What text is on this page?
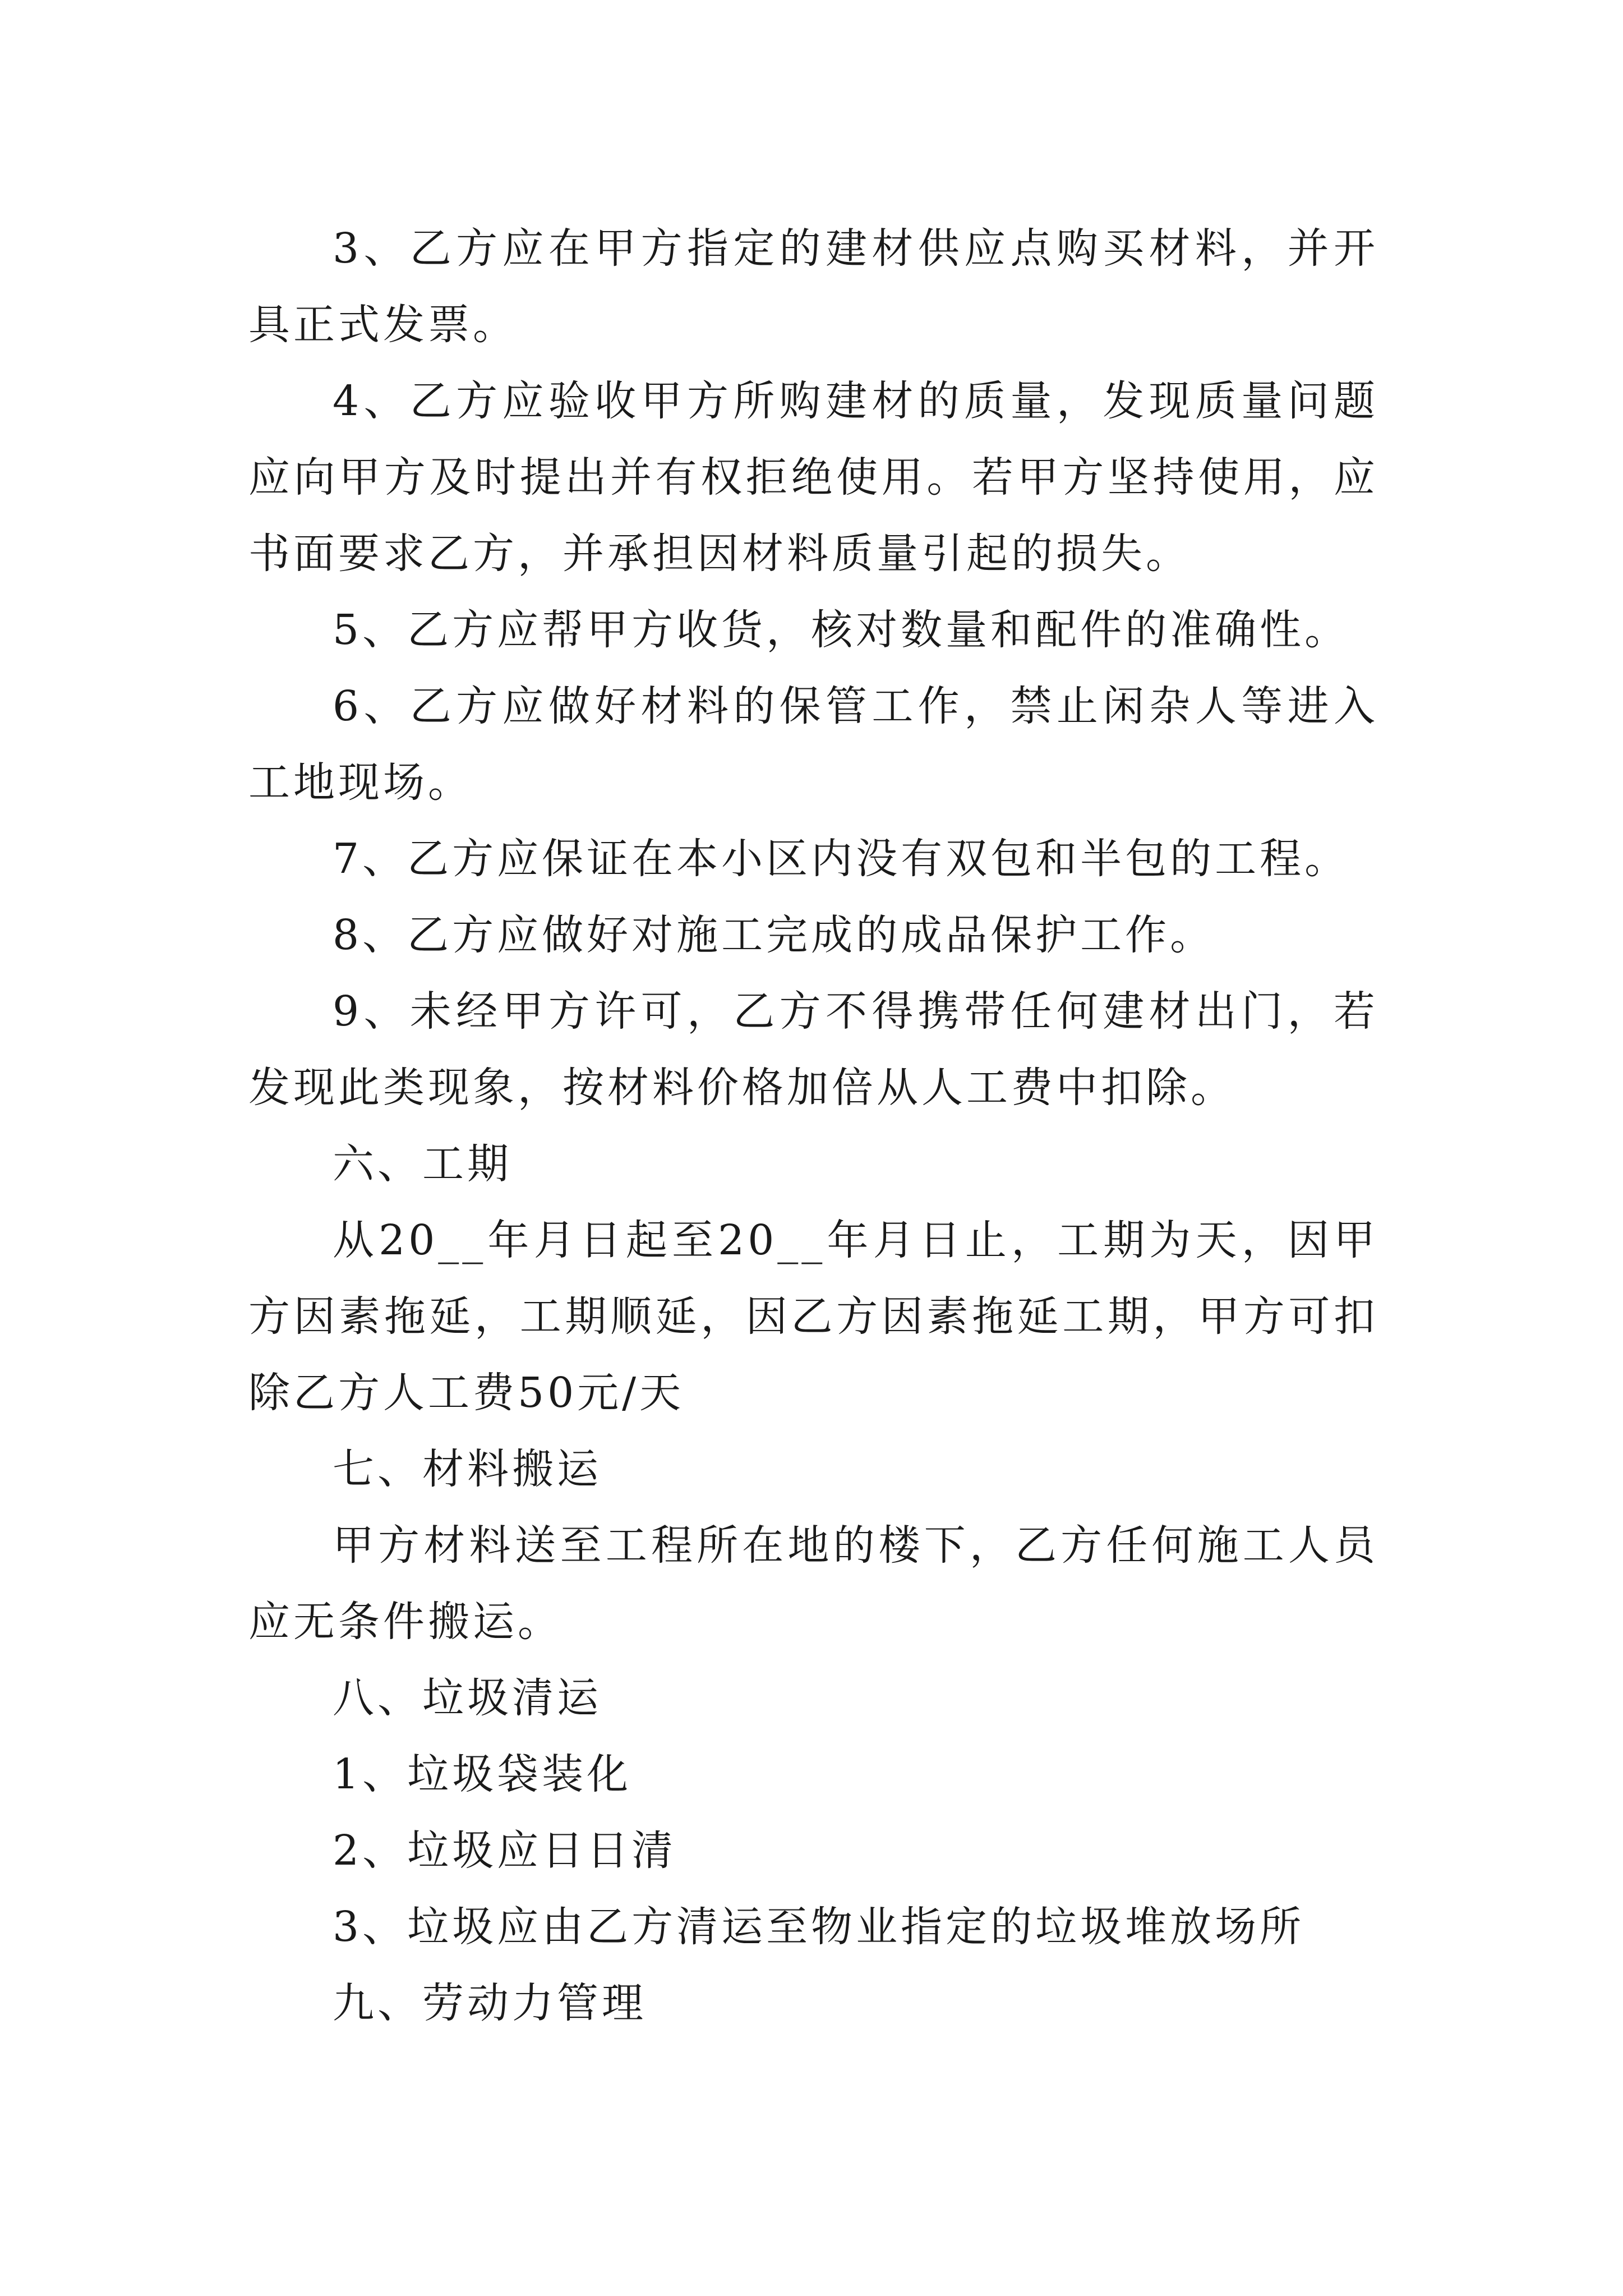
3、乙方应在甲方指定的建材供应点购买材料，并开具正式发票。

4、乙方应验收甲方所购建材的质量，发现质量问题应向甲方及时提出并有权拒绝使用。若甲方坚持使用，应书面要求乙方，并承担因材料质量引起的损失。

5、乙方应帮甲方收货，核对数量和配件的准确性。

6、乙方应做好材料的保管工作，禁止闲杂人等进入工地现场。

7、乙方应保证在本小区内没有双包和半包的工程。

8、乙方应做好对施工完成的成品保护工作。

9、未经甲方许可，乙方不得携带任何建材出门，若发现此类现象，按材料价格加倍从人工费中扣除。

六、工期

从20__年月日起至20__年月日止，工期为天，因甲方因素拖延，工期顺延，因乙方因素拖延工期，甲方可扣除乙方人工费50元/天

七、材料搬运

甲方材料送至工程所在地的楼下，乙方任何施工人员应无条件搬运。

八、垃圾清运

1、垃圾袋装化

2、垃圾应日日清

3、垃圾应由乙方清运至物业指定的垃圾堆放场所

九、劳动力管理
